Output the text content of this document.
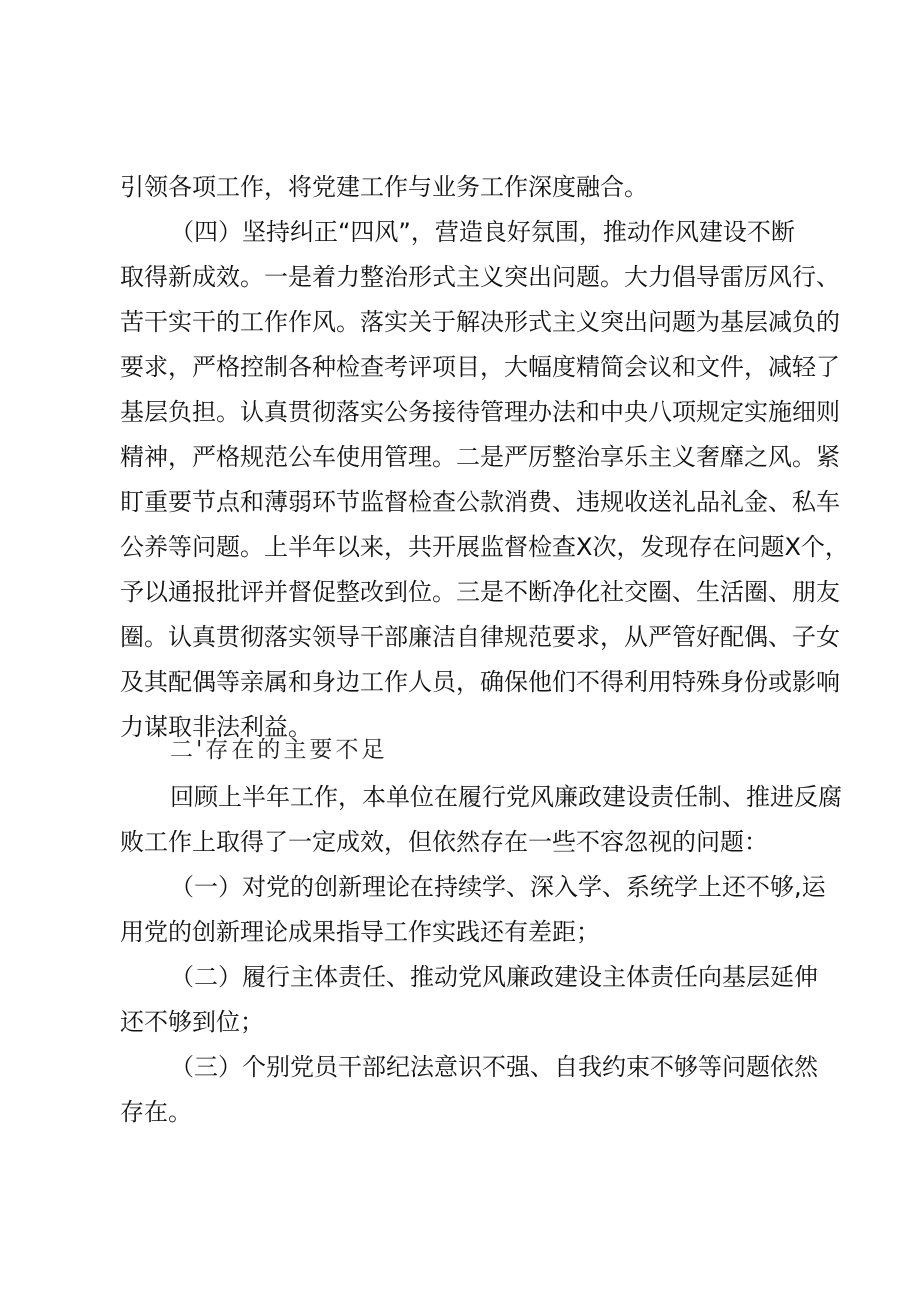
引领各项工作，将党建工作与业务工作深度融合。
（四）坚持纠正“四风”，营造良好氛围，推动作风建设不断
取得新成效。一是着力整治形式主义突出问题。大力倡导雷厉风行、
苦干实干的工作作风。落实关于解决形式主义突出问题为基层减负的
要求，严格控制各种检查考评项目，大幅度精简会议和文件，减轻了
基层负担。认真贯彻落实公务接待管理办法和中央八项规定实施细则
精神，严格规范公车使用管理。二是严厉整治享乐主义奢靡之风。紧
盯重要节点和薄弱环节监督检查公款消费、违规收送礼品礼金、私车
公养等问题。上半年以来，共开展监督检查X次，发现存在问题X个，
予以通报批评并督促整改到位。三是不断净化社交圈、生活圈、朋友
圈。认真贯彻落实领导干部廉洁自律规范要求，从严管好配偶、子女
及其配偶等亲属和身边工作人员，确保他们不得利用特殊身份或影响
力谋取非法利益。
二'存在的主要不足
回顾上半年工作，本单位在履行党风廉政建设责任制、推进反腐
败工作上取得了一定成效，但依然存在一些不容忽视的问题：
（一）对党的创新理论在持续学、深入学、系统学上还不够,运
用党的创新理论成果指导工作实践还有差距；
（二）履行主体责任、推动党风廉政建设主体责任向基层延伸
还不够到位；
（三）个别党员干部纪法意识不强、自我约束不够等问题依然
存在。
